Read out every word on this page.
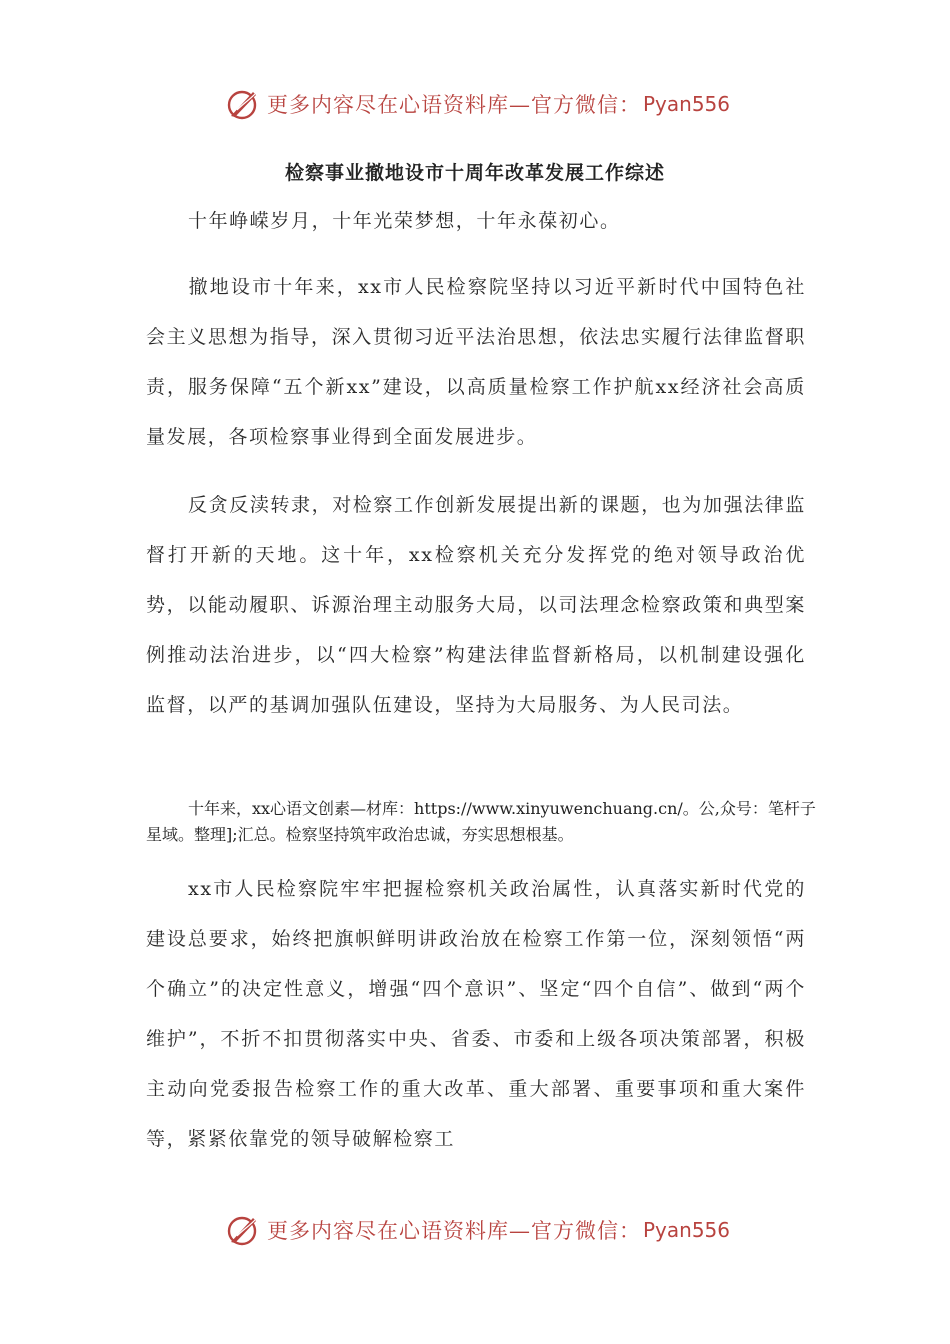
更多内容尽在心语资料库—官方微信： Pyan556
检察事业撤地设市十周年改革发展工作综述

十年峥嵘岁月，十年光荣梦想，十年永葆初心。

撤地设市十年来，xx市人民检察院坚持以习近平新时代中国特色社会主义思想为指导，深入贯彻习近平法治思想，依法忠实履行法律监督职责，服务保障“五个新xx”建设，以高质量检察工作护航xx经济社会高质量发展，各项检察事业得到全面发展进步。

反贪反渎转隶，对检察工作创新发展提出新的课题，也为加强法律监督打开新的天地。这十年，xx检察机关充分发挥党的绝对领导政治优势，以能动履职、诉源治理主动服务大局，以司法理念检察政策和典型案例推动法治进步，以“四大检察”构建法律监督新格局，以机制建设强化监督，以严的基调加强队伍建设，坚持为大局服务、为人民司法。

十年来，xx心语文创素—材库：https://www.xinyuwenchuang.cn/。公,众号：笔杆子星域。整理];汇总。检察坚持筑牢政治忠诚，夯实思想根基。

xx市人民检察院牢牢把握检察机关政治属性，认真落实新时代党的建设总要求，始终把旗帜鲜明讲政治放在检察工作第一位，深刻领悟“两个确立”的决定性意义，增强“四个意识”、坚定“四个自信”、做到“两个维护”，不折不扣贯彻落实中央、省委、市委和上级各项决策部署，积极主动向党委报告检察工作的重大改革、重大部署、重要事项和重大案件等，紧紧依靠党的领导破解检察工

更多内容尽在心语资料库—官方微信： Pyan556
